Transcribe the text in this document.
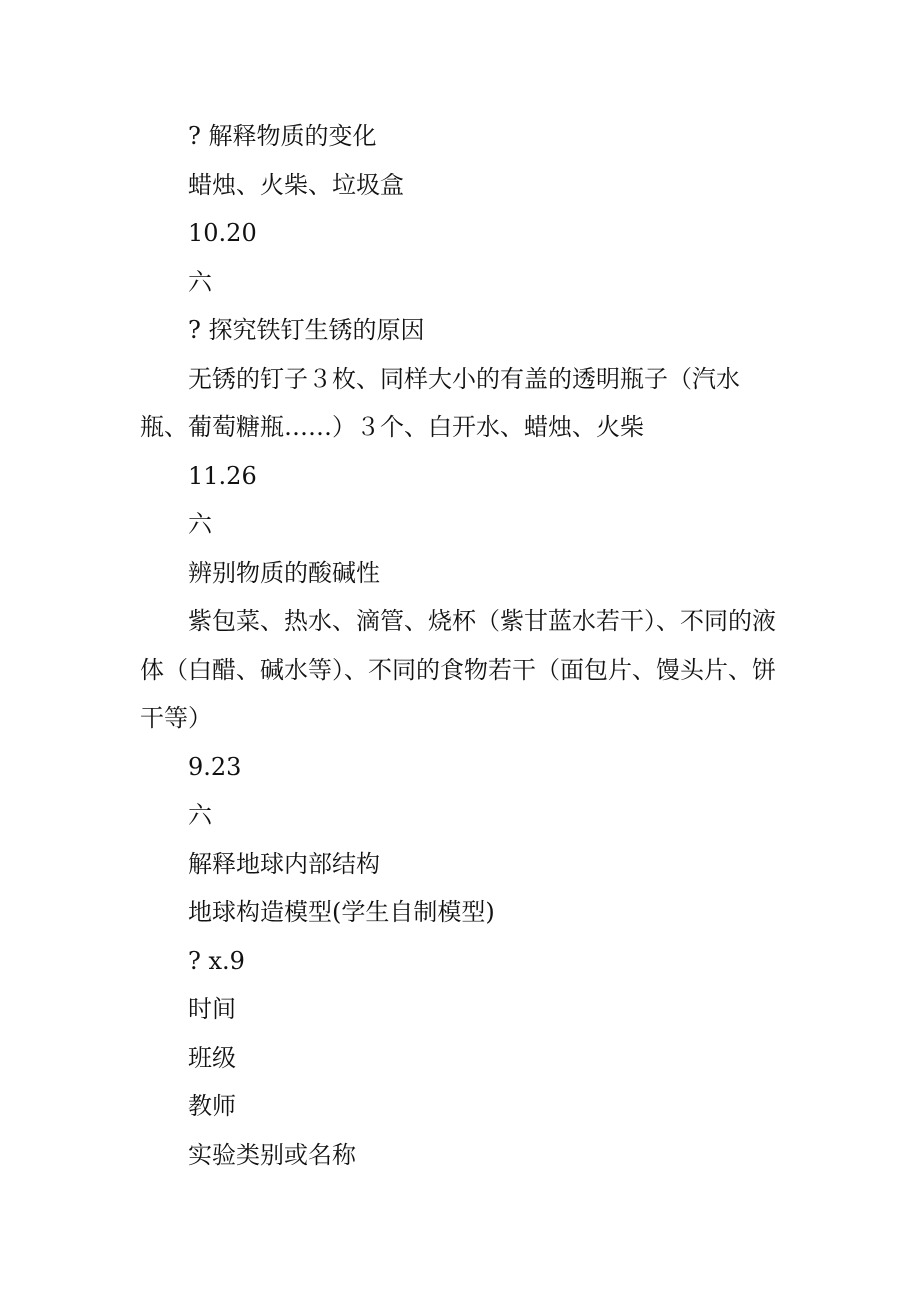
? 解释物质的变化

蜡烛、火柴、垃圾盒

10.20

六

? 探究铁钉生锈的原因

无锈的钉子３枚、同样大小的有盖的透明瓶子（汽水瓶、葡萄糖瓶……）３个、白开水、蜡烛、火柴

11.26

六

辨别物质的酸碱性

紫包菜、热水、滴管、烧杯（紫甘蓝水若干）、不同的液体（白醋、碱水等）、不同的食物若干（面包片、馒头片、饼干等）

9.23

六

解释地球内部结构

地球构造模型(学生自制模型)

? x.9

时间

班级

教师

实验类别或名称
